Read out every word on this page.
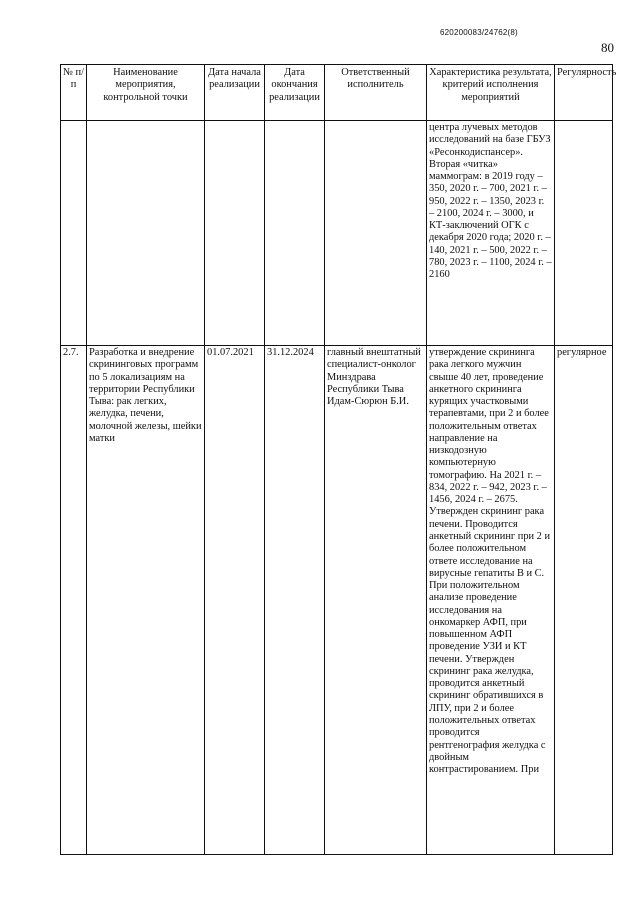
620200083/24762(8)
80
№ п/п	Наименование мероприятия, контрольной точки	Дата начала реализации	Дата окончания реализации	Ответственный исполнитель	Характеристика результата, критерий исполнения мероприятий	Регулярность
					центра лучевых методов исследований на базе ГБУЗ «Ресонкодиспансер». Вторая «читка» маммограм: в 2019 году – 350, 2020 г. – 700, 2021 г. – 950, 2022 г. – 1350, 2023 г. – 2100, 2024 г. – 3000, и КТ-заключений ОГК с декабря 2020 года; 2020 г. – 140, 2021 г. – 500, 2022 г. – 780, 2023 г. – 1100, 2024 г. – 2160	
2.7.	Разработка и внедрение скрининговых программ по 5 локализациям на территории Республики Тыва: рак легких, желудка, печени, молочной железы, шейки матки	01.07.2021	31.12.2024	главный внештатный специалист-онколог Минздрава Республики Тыва Идам-Сюрюн Б.И.	утверждение скрининга рака легкого мужчин свыше 40 лет, проведение анкетного скрининга курящих участковыми терапевтами, при 2 и более положительным ответах направление на низкодозную компьютерную томографию. На 2021 г. – 834, 2022 г. – 942, 2023 г. – 1456, 2024 г. – 2675. Утвержден скрининг рака печени. Проводится анкетный скрининг при 2 и более положительном ответе исследование на вирусные гепатиты В и С. При положительном анализе проведение исследования на онкомаркер АФП, при повышенном АФП проведение УЗИ и КТ печени. Утвержден скрининг рака желудка, проводится анкетный скрининг обратившихся в ЛПУ, при 2 и более положительных ответах проводится рентгенография желудка с двойным контрастированием. При	регулярное
